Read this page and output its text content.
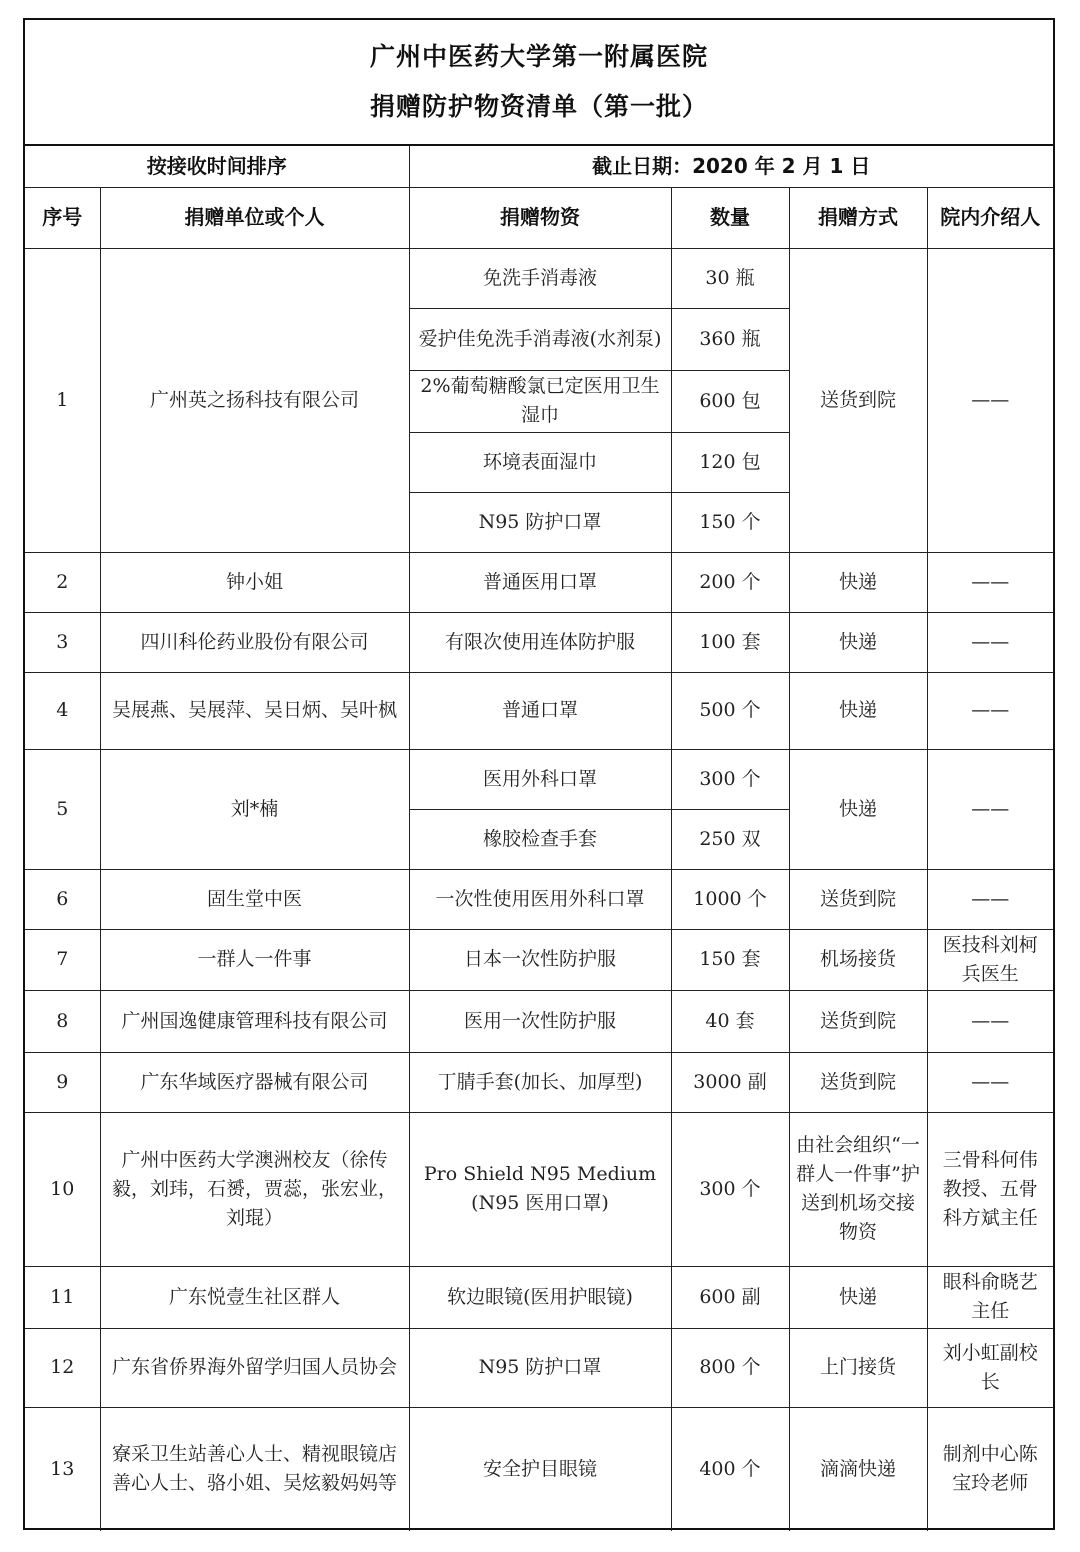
广州中医药大学第一附属医院
捐赠防护物资清单（第一批）
按接收时间排序		截止日期：2020 年 2 月 1 日			
序号	捐赠单位或个人	捐赠物资	数量	捐赠方式	院内介绍人
1	广州英之扬科技有限公司	免洗手消毒液	30 瓶	送货到院	——
		爱护佳免洗手消毒液(水剂泵)	360 瓶		
		2%葡萄糖酸氯已定医用卫生湿巾	600 包		
		环境表面湿巾	120 包		
		N95 防护口罩	150 个		
2	钟小姐	普通医用口罩	200 个	快递	——
3	四川科伦药业股份有限公司	有限次使用连体防护服	100 套	快递	——
4	吴展燕、吴展萍、吴日炳、吴叶枫	普通口罩	500 个	快递	——
5	刘*楠	医用外科口罩	300 个	快递	——
		橡胶检查手套	250 双		
6	固生堂中医	一次性使用医用外科口罩	1000 个	送货到院	——
7	一群人一件事	日本一次性防护服	150 套	机场接货	医技科刘柯兵医生
8	广州国逸健康管理科技有限公司	医用一次性防护服	40 套	送货到院	——
9	广东华域医疗器械有限公司	丁腈手套(加长、加厚型)	3000 副	送货到院	——
10	广州中医药大学澳洲校友（徐传毅，刘玮，石赟，贾蕊，张宏业，刘琨）	Pro Shield N95 Medium(N95 医用口罩)	300 个	由社会组织“一群人一件事”护送到机场交接物资	三骨科何伟教授、五骨科方斌主任
11	广东悦壹生社区群人	软边眼镜(医用护眼镜)	600 副	快递	眼科俞晓艺主任
12	广东省侨界海外留学归国人员协会	N95 防护口罩	800 个	上门接货	刘小虹副校长
13	寮采卫生站善心人士、精视眼镜店善心人士、骆小姐、吴炫毅妈妈等	安全护目眼镜	400 个	滴滴快递	制剂中心陈宝玲老师
